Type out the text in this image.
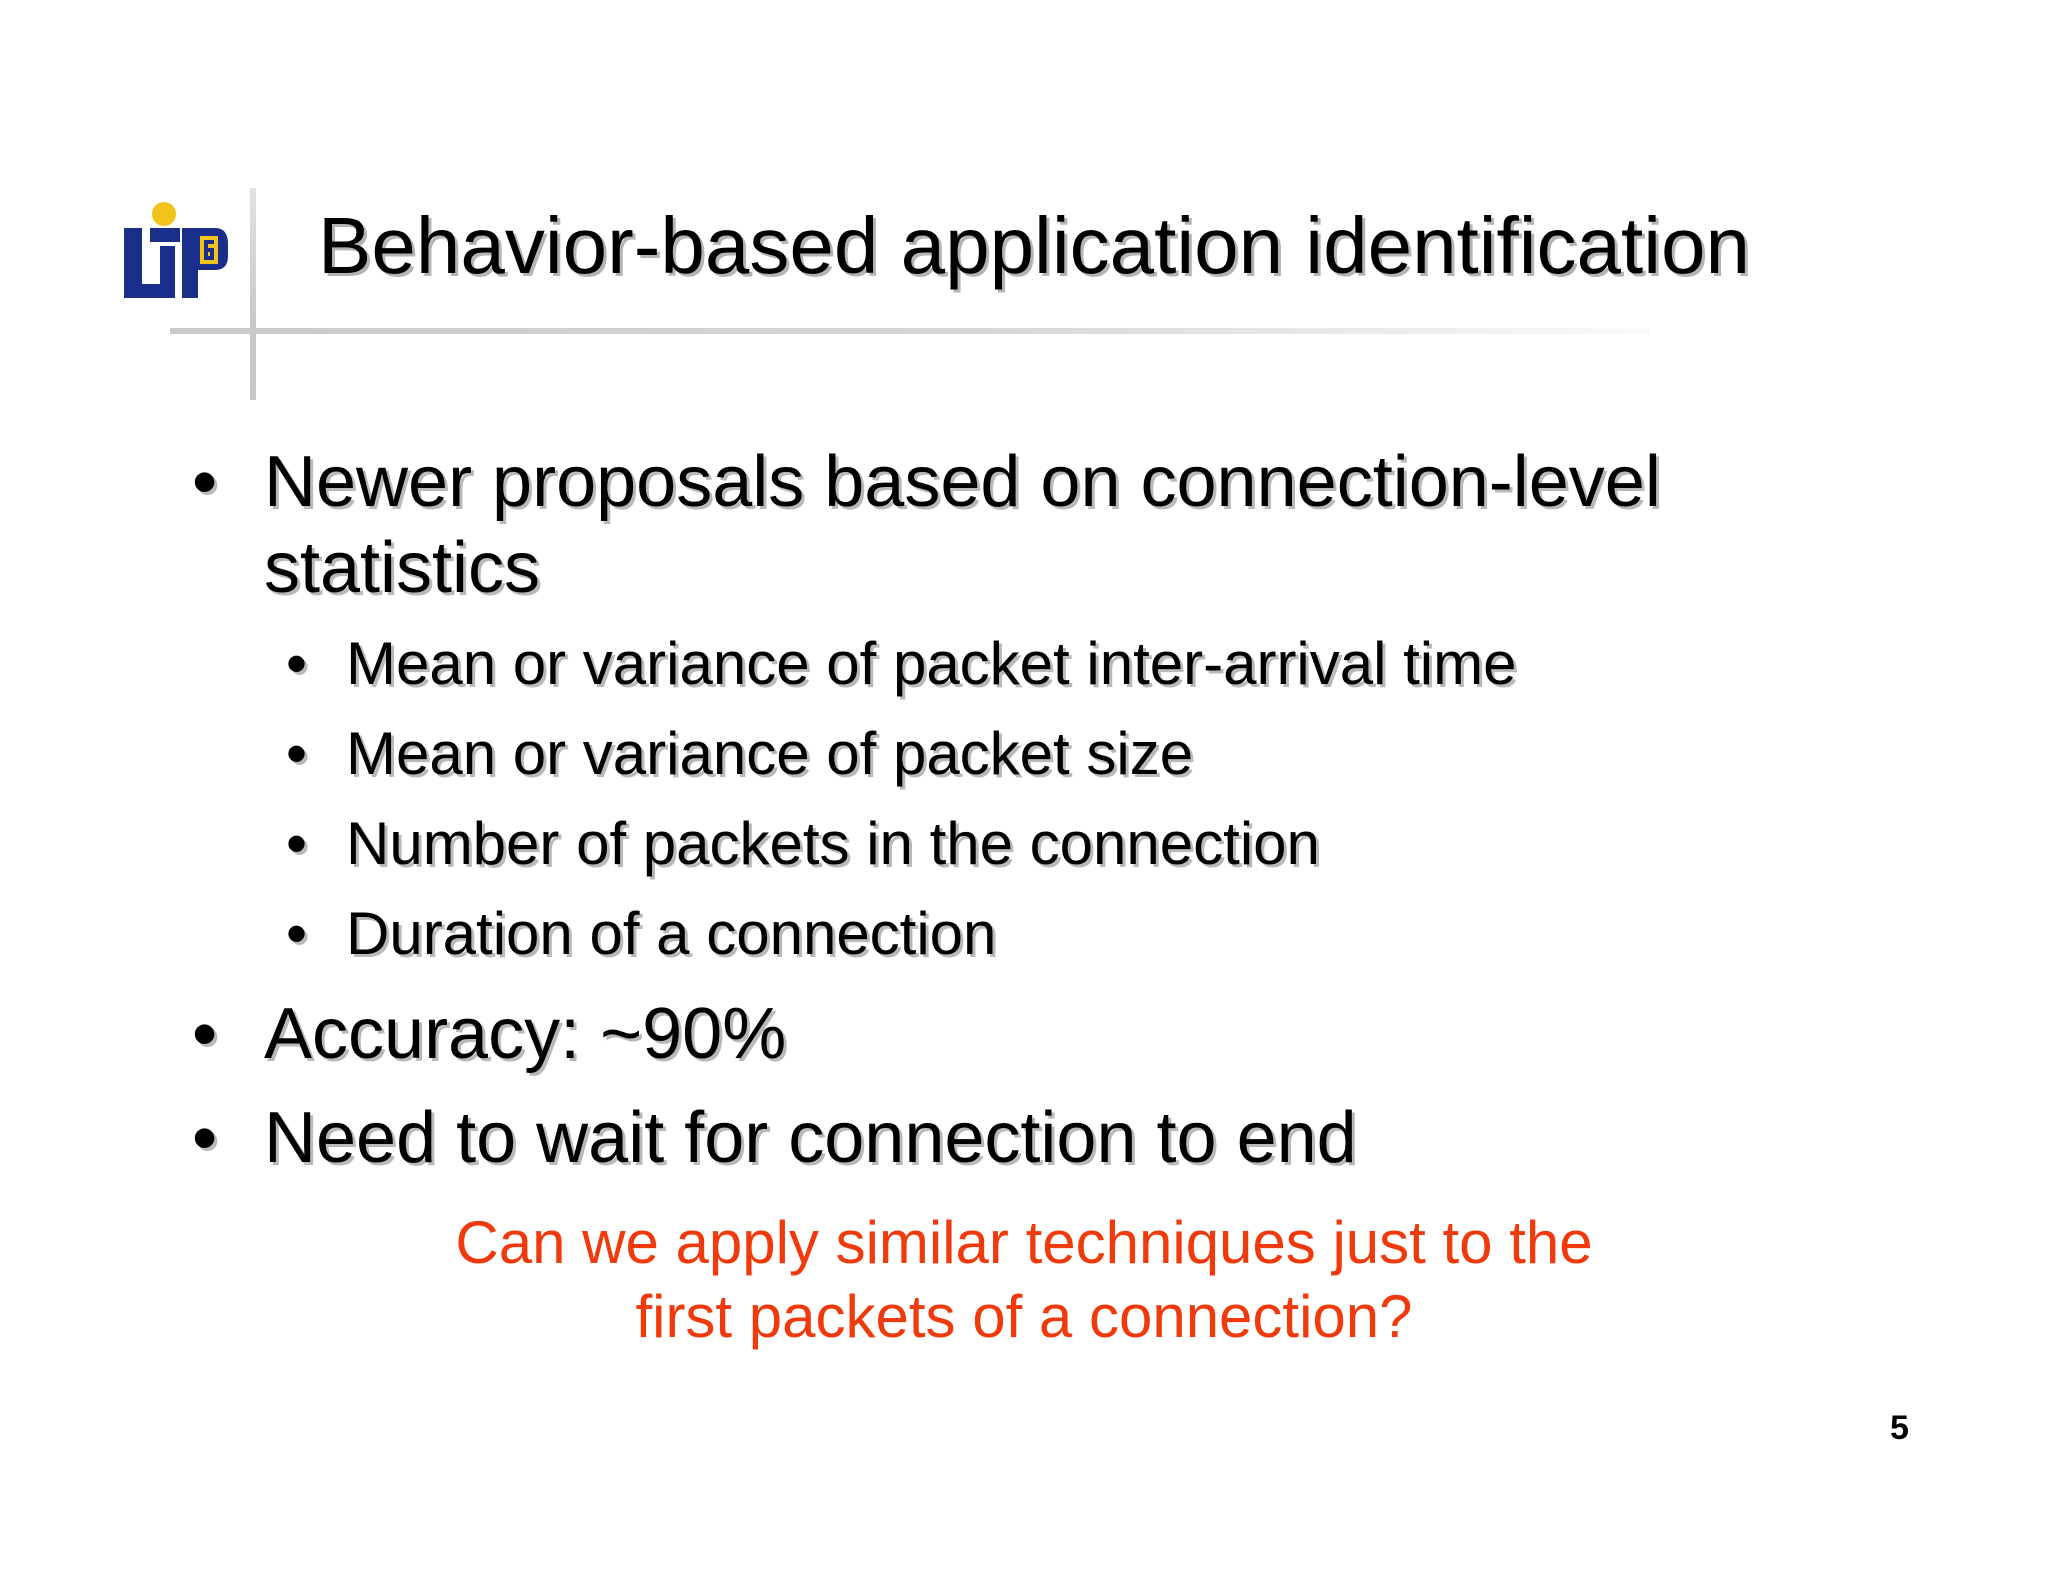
Behavior-based application identification
• Newer proposals based on connection-level
statistics
• Mean or variance of packet inter-arrival time
• Mean or variance of packet size
• Number of packets in the connection
• Duration of a connection
• Accuracy: ~90%
• Need to wait for connection to end
Can we apply similar techniques just to the
first packets of a connection?
5
